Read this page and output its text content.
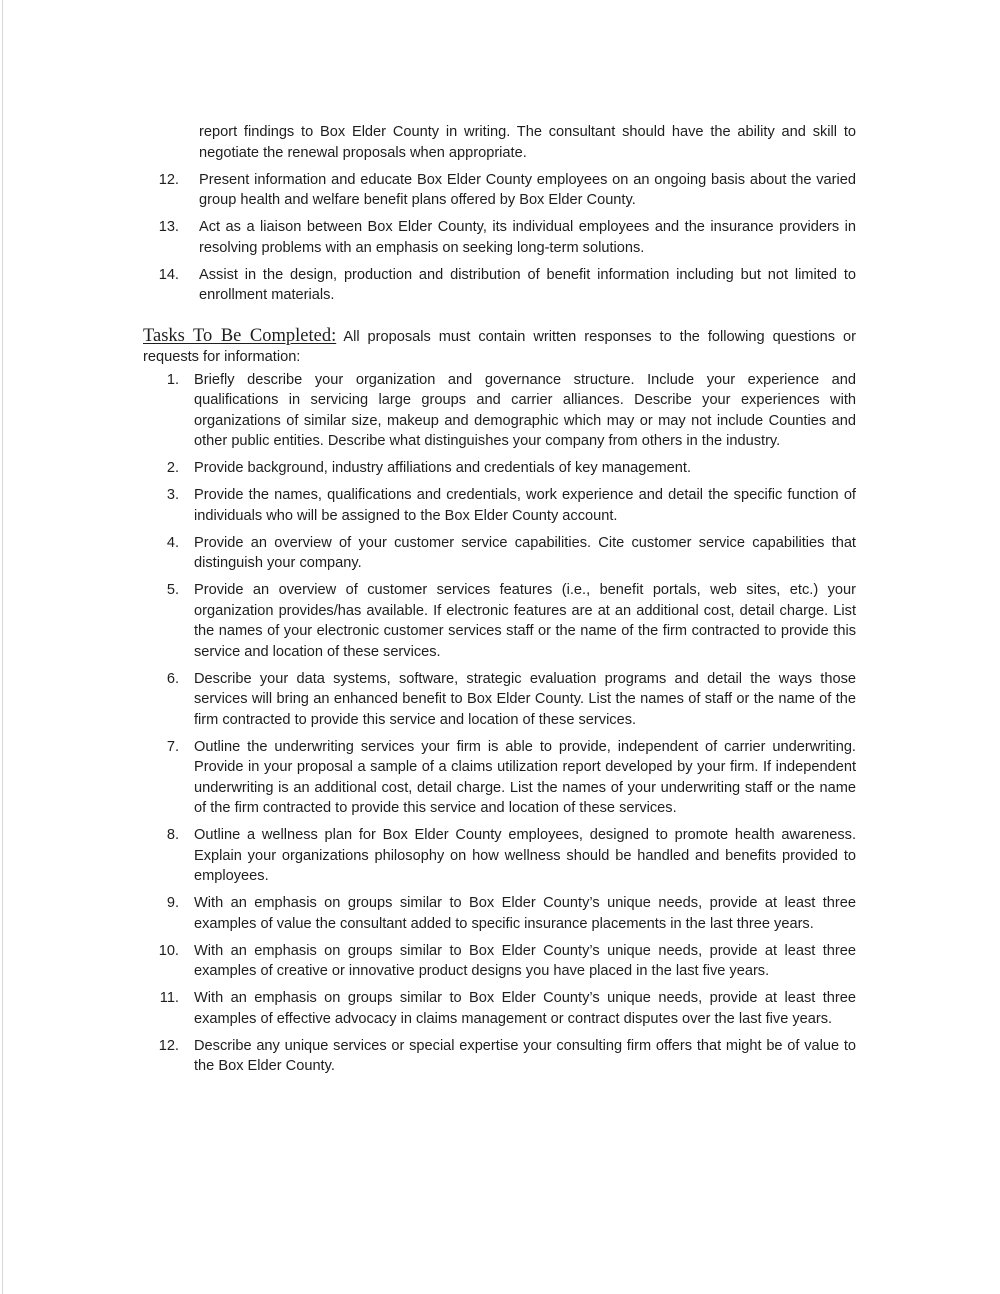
report findings to Box Elder County in writing. The consultant should have the ability and skill to negotiate the renewal proposals when appropriate.
12. Present information and educate Box Elder County employees on an ongoing basis about the varied group health and welfare benefit plans offered by Box Elder County.
13. Act as a liaison between Box Elder County, its individual employees and the insurance providers in resolving problems with an emphasis on seeking long-term solutions.
14. Assist in the design, production and distribution of benefit information including but not limited to enrollment materials.
Tasks To Be Completed: All proposals must contain written responses to the following questions or requests for information:
1. Briefly describe your organization and governance structure. Include your experience and qualifications in servicing large groups and carrier alliances. Describe your experiences with organizations of similar size, makeup and demographic which may or may not include Counties and other public entities. Describe what distinguishes your company from others in the industry.
2. Provide background, industry affiliations and credentials of key management.
3. Provide the names, qualifications and credentials, work experience and detail the specific function of individuals who will be assigned to the Box Elder County account.
4. Provide an overview of your customer service capabilities. Cite customer service capabilities that distinguish your company.
5. Provide an overview of customer services features (i.e., benefit portals, web sites, etc.) your organization provides/has available. If electronic features are at an additional cost, detail charge. List the names of your electronic customer services staff or the name of the firm contracted to provide this service and location of these services.
6. Describe your data systems, software, strategic evaluation programs and detail the ways those services will bring an enhanced benefit to Box Elder County. List the names of staff or the name of the firm contracted to provide this service and location of these services.
7. Outline the underwriting services your firm is able to provide, independent of carrier underwriting. Provide in your proposal a sample of a claims utilization report developed by your firm. If independent underwriting is an additional cost, detail charge. List the names of your underwriting staff or the name of the firm contracted to provide this service and location of these services.
8. Outline a wellness plan for Box Elder County employees, designed to promote health awareness. Explain your organizations philosophy on how wellness should be handled and benefits provided to employees.
9. With an emphasis on groups similar to Box Elder County’s unique needs, provide at least three examples of value the consultant added to specific insurance placements in the last three years.
10. With an emphasis on groups similar to Box Elder County’s unique needs, provide at least three examples of creative or innovative product designs you have placed in the last five years.
11. With an emphasis on groups similar to Box Elder County’s unique needs, provide at least three examples of effective advocacy in claims management or contract disputes over the last five years.
12. Describe any unique services or special expertise your consulting firm offers that might be of value to the Box Elder County.
